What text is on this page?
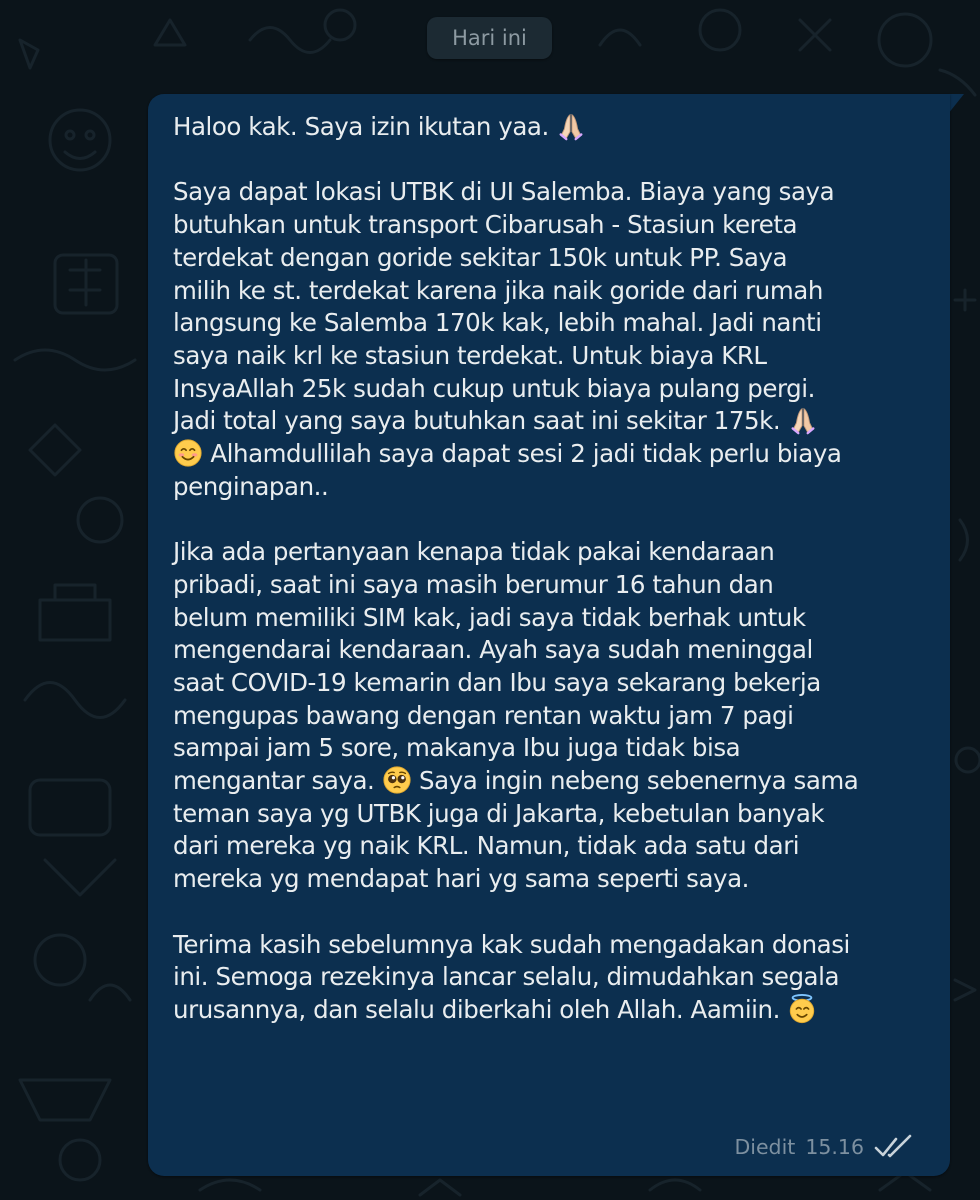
Hari ini
Haloo kak. Saya izin ikutan yaa.
Saya dapat lokasi UTBK di UI Salemba. Biaya yang saya
butuhkan untuk transport Cibarusah - Stasiun kereta
terdekat dengan goride sekitar 150k untuk PP. Saya
milih ke st. terdekat karena jika naik goride dari rumah
langsung ke Salemba 170k kak, lebih mahal. Jadi nanti
saya naik krl ke stasiun terdekat. Untuk biaya KRL
InsyaAllah 25k sudah cukup untuk biaya pulang pergi.
Jadi total yang saya butuhkan saat ini sekitar 175k.
Alhamdullilah saya dapat sesi 2 jadi tidak perlu biaya
penginapan..
Jika ada pertanyaan kenapa tidak pakai kendaraan
pribadi, saat ini saya masih berumur 16 tahun dan
belum memiliki SIM kak, jadi saya tidak berhak untuk
mengendarai kendaraan. Ayah saya sudah meninggal
saat COVID-19 kemarin dan Ibu saya sekarang bekerja
mengupas bawang dengan rentan waktu jam 7 pagi
sampai jam 5 sore, makanya Ibu juga tidak bisa
mengantar saya.  Saya ingin nebeng sebenernya sama
teman saya yg UTBK juga di Jakarta, kebetulan banyak
dari mereka yg naik KRL. Namun, tidak ada satu dari
mereka yg mendapat hari yg sama seperti saya.
Terima kasih sebelumnya kak sudah mengadakan donasi
ini. Semoga rezekinya lancar selalu, dimudahkan segala
urusannya, dan selalu diberkahi oleh Allah. Aamiin.
Diedit 15.16
